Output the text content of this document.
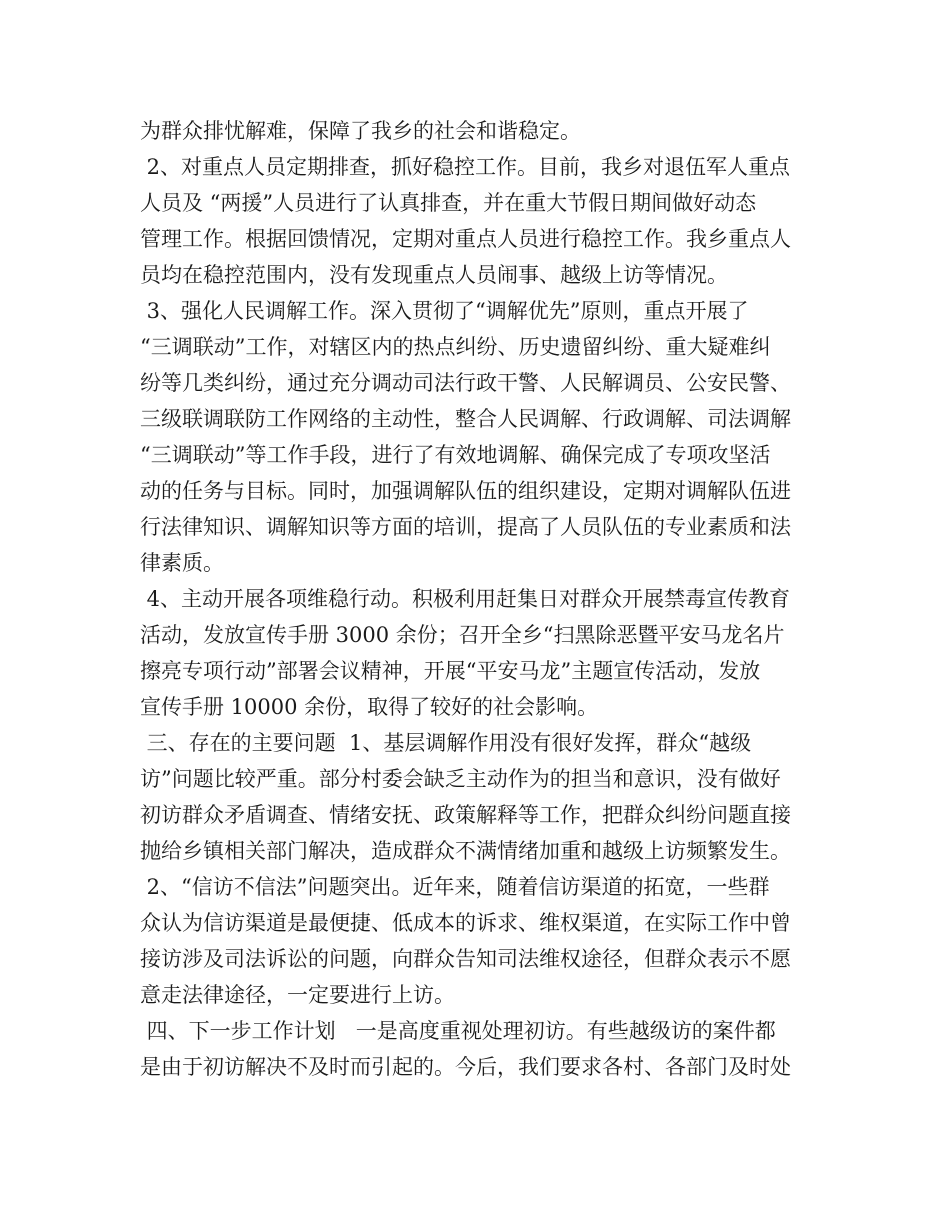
为群众排忧解难，保障了我乡的社会和谐稳定。
2、对重点人员定期排查，抓好稳控工作。目前，我乡对退伍军人重点
人员及 “两援”人员进行了认真排查，并在重大节假日期间做好动态
管理工作。根据回馈情况，定期对重点人员进行稳控工作。我乡重点人
员均在稳控范围内，没有发现重点人员闹事、越级上访等情况。
3、强化人民调解工作。深入贯彻了“调解优先”原则，重点开展了
“三调联动”工作，对辖区内的热点纠纷、历史遗留纠纷、重大疑难纠
纷等几类纠纷，通过充分调动司法行政干警、人民解调员、公安民警、
三级联调联防工作网络的主动性，整合人民调解、行政调解、司法调解
“三调联动”等工作手段，进行了有效地调解、确保完成了专项攻坚活
动的任务与目标。同时，加强调解队伍的组织建设，定期对调解队伍进
行法律知识、调解知识等方面的培训，提高了人员队伍的专业素质和法
律素质。
4、主动开展各项维稳行动。积极利用赶集日对群众开展禁毒宣传教育
活动，发放宣传手册 3000 余份；召开全乡“扫黑除恶暨平安马龙名片
擦亮专项行动”部署会议精神，开展“平安马龙”主题宣传活动，发放
宣传手册 10000 余份，取得了较好的社会影响。
三、存在的主要问题  1、基层调解作用没有很好发挥，群众“越级
访”问题比较严重。部分村委会缺乏主动作为的担当和意识，没有做好
初访群众矛盾调查、情绪安抚、政策解释等工作，把群众纠纷问题直接
抛给乡镇相关部门解决，造成群众不满情绪加重和越级上访频繁发生。
2、“信访不信法”问题突出。近年来，随着信访渠道的拓宽，一些群
众认为信访渠道是最便捷、低成本的诉求、维权渠道，在实际工作中曾
接访涉及司法诉讼的问题，向群众告知司法维权途径，但群众表示不愿
意走法律途径，一定要进行上访。
四、下一步工作计划   一是高度重视处理初访。有些越级访的案件都
是由于初访解决不及时而引起的。今后，我们要求各村、各部门及时处
